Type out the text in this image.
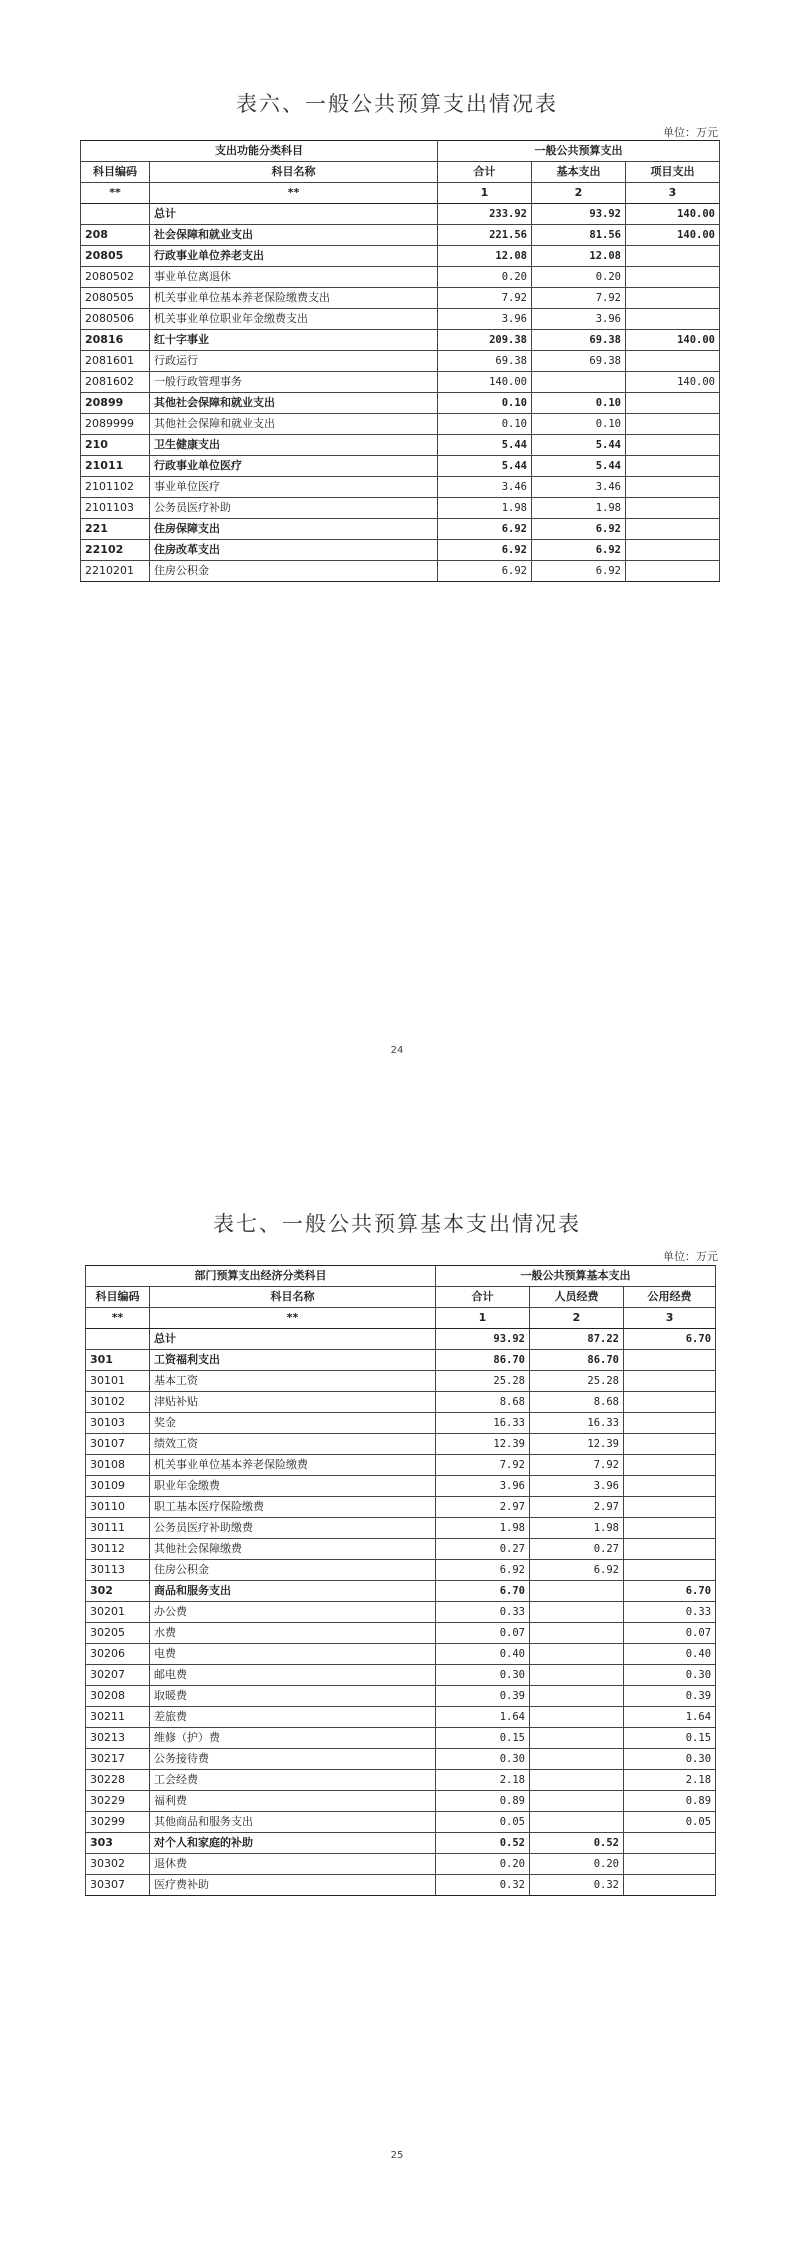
表六、一般公共预算支出情况表
单位：万元
支出功能分类科目		一般公共预算支出		
科目编码	科目名称	合计	基本支出	项目支出
**	**	1	2	3
	总计	233.92	93.92	140.00
208	社会保障和就业支出	221.56	81.56	140.00
20805	行政事业单位养老支出	12.08	12.08	
2080502	事业单位离退休	0.20	0.20	
2080505	机关事业单位基本养老保险缴费支出	7.92	7.92	
2080506	机关事业单位职业年金缴费支出	3.96	3.96	
20816	红十字事业	209.38	69.38	140.00
2081601	行政运行	69.38	69.38	
2081602	一般行政管理事务	140.00		140.00
20899	其他社会保障和就业支出	0.10	0.10	
2089999	其他社会保障和就业支出	0.10	0.10	
210	卫生健康支出	5.44	5.44	
21011	行政事业单位医疗	5.44	5.44	
2101102	事业单位医疗	3.46	3.46	
2101103	公务员医疗补助	1.98	1.98	
221	住房保障支出	6.92	6.92	
22102	住房改革支出	6.92	6.92	
2210201	住房公积金	6.92	6.92	
24
表七、一般公共预算基本支出情况表
单位：万元
部门预算支出经济分类科目		一般公共预算基本支出		
科目编码	科目名称	合计	人员经费	公用经费
**	**	1	2	3
	总计	93.92	87.22	6.70
301	工资福利支出	86.70	86.70	
30101	基本工资	25.28	25.28	
30102	津贴补贴	8.68	8.68	
30103	奖金	16.33	16.33	
30107	绩效工资	12.39	12.39	
30108	机关事业单位基本养老保险缴费	7.92	7.92	
30109	职业年金缴费	3.96	3.96	
30110	职工基本医疗保险缴费	2.97	2.97	
30111	公务员医疗补助缴费	1.98	1.98	
30112	其他社会保障缴费	0.27	0.27	
30113	住房公积金	6.92	6.92	
302	商品和服务支出	6.70		6.70
30201	办公费	0.33		0.33
30205	水费	0.07		0.07
30206	电费	0.40		0.40
30207	邮电费	0.30		0.30
30208	取暖费	0.39		0.39
30211	差旅费	1.64		1.64
30213	维修（护）费	0.15		0.15
30217	公务接待费	0.30		0.30
30228	工会经费	2.18		2.18
30229	福利费	0.89		0.89
30299	其他商品和服务支出	0.05		0.05
303	对个人和家庭的补助	0.52	0.52	
30302	退休费	0.20	0.20	
30307	医疗费补助	0.32	0.32	
25
